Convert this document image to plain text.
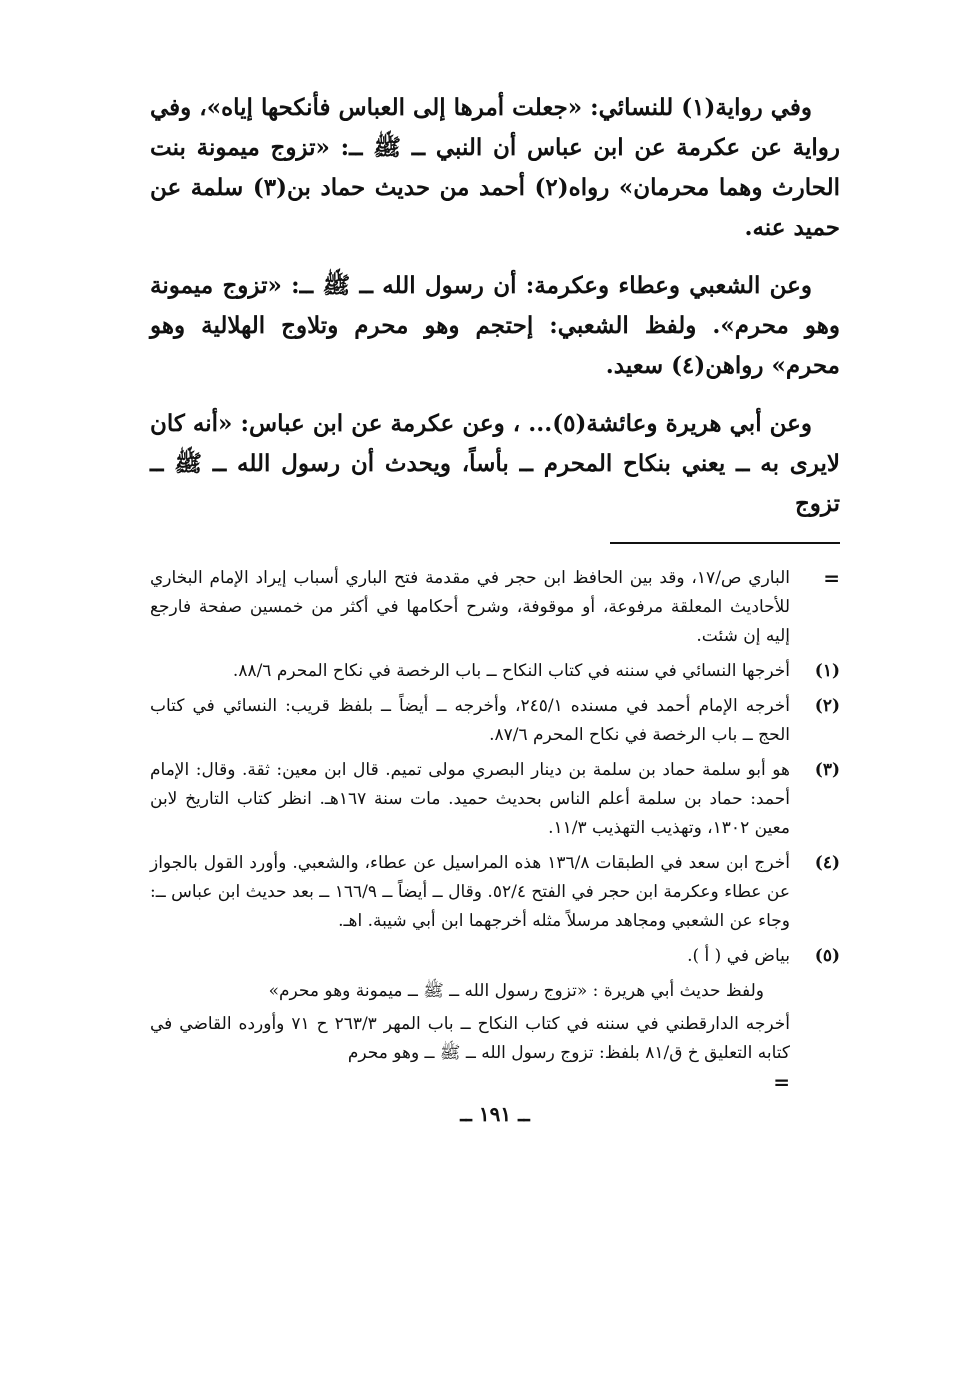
وفي رواية(١) للنسائي: «جعلت أمرها إلى العباس فأنكحها إياه»، وفي رواية عن عكرمة عن ابن عباس أن النبي ــ ﷺ ــ: «تزوج ميمونة بنت الحارث وهما محرمان» رواه(٢) أحمد من حديث حماد بن(٣) سلمة عن حميد عنه.

وعن الشعبي وعطاء وعكرمة: أن رسول الله ــ ﷺ ــ: «تزوج ميمونة وهو محرم». ولفظ الشعبي: إحتجم وهو محرم وتلاوج الهلالية وهو محرم» رواهن(٤) سعيد.

وعن أبي هريرة وعائشة(٥)... ، وعن عكرمة عن ابن عباس: «أنه كان لايرى به ــ يعني بنكاح المحرم ــ بأساً، ويحدث أن رسول الله ــ ﷺ ــ تزوج

=
الباري ص/١٧، وقد بين الحافظ ابن حجر في مقدمة فتح الباري أسباب إيراد الإمام البخاري للأحاديث المعلقة مرفوعة، أو موقوفة، وشرح أحكامها في أكثر من خمسين صفحة فارجع إليه إن شئت.
(١)
أخرجها النسائي في سننه في كتاب النكاح ــ باب الرخصة في نكاح المحرم ٨٨/٦.
(٢)
أخرجه الإمام أحمد في مسنده ٢٤٥/١، وأخرجه ــ أيضاً ــ بلفظ قريب: النسائي في كتاب الحج ــ باب الرخصة في نكاح المحرم ٨٧/٦.
(٣)
هو أبو سلمة حماد بن سلمة بن دينار البصري مولى تميم. قال ابن معين: ثقة. وقال: الإمام أحمد: حماد بن سلمة أعلم الناس بحديث حميد. مات سنة ١٦٧هـ. انظر كتاب التاريخ لابن معين ١٣٠٢، وتهذيب التهذيب ١١/٣.
(٤)
أخرج ابن سعد في الطبقات ١٣٦/٨ هذه المراسيل عن عطاء، والشعبي. وأورد القول بالجواز عن عطاء وعكرمة ابن حجر في الفتح ٥٢/٤. وقال ــ أيضاً ــ ١٦٦/٩ ــ بعد حديث ابن عباس ــ: وجاء عن الشعبي ومجاهد مرسلاً مثله أخرجهما ابن أبي شيبة. اهـ.
(٥)
بياض في ( أ ).
ولفظ حديث أبي هريرة : «تزوج رسول الله ــ ﷺ ــ ميمونة وهو محرم»
أخرجه الدارقطني في سننه في كتاب النكاح ــ باب المهر ٢٦٣/٣ ح ٧١ وأورده القاضي في كتابه التعليق خ ق/٨١ بلفظ: تزوج رسول الله ــ ﷺ ــ وهو محرم
=
ــ ١٩١ ــ
